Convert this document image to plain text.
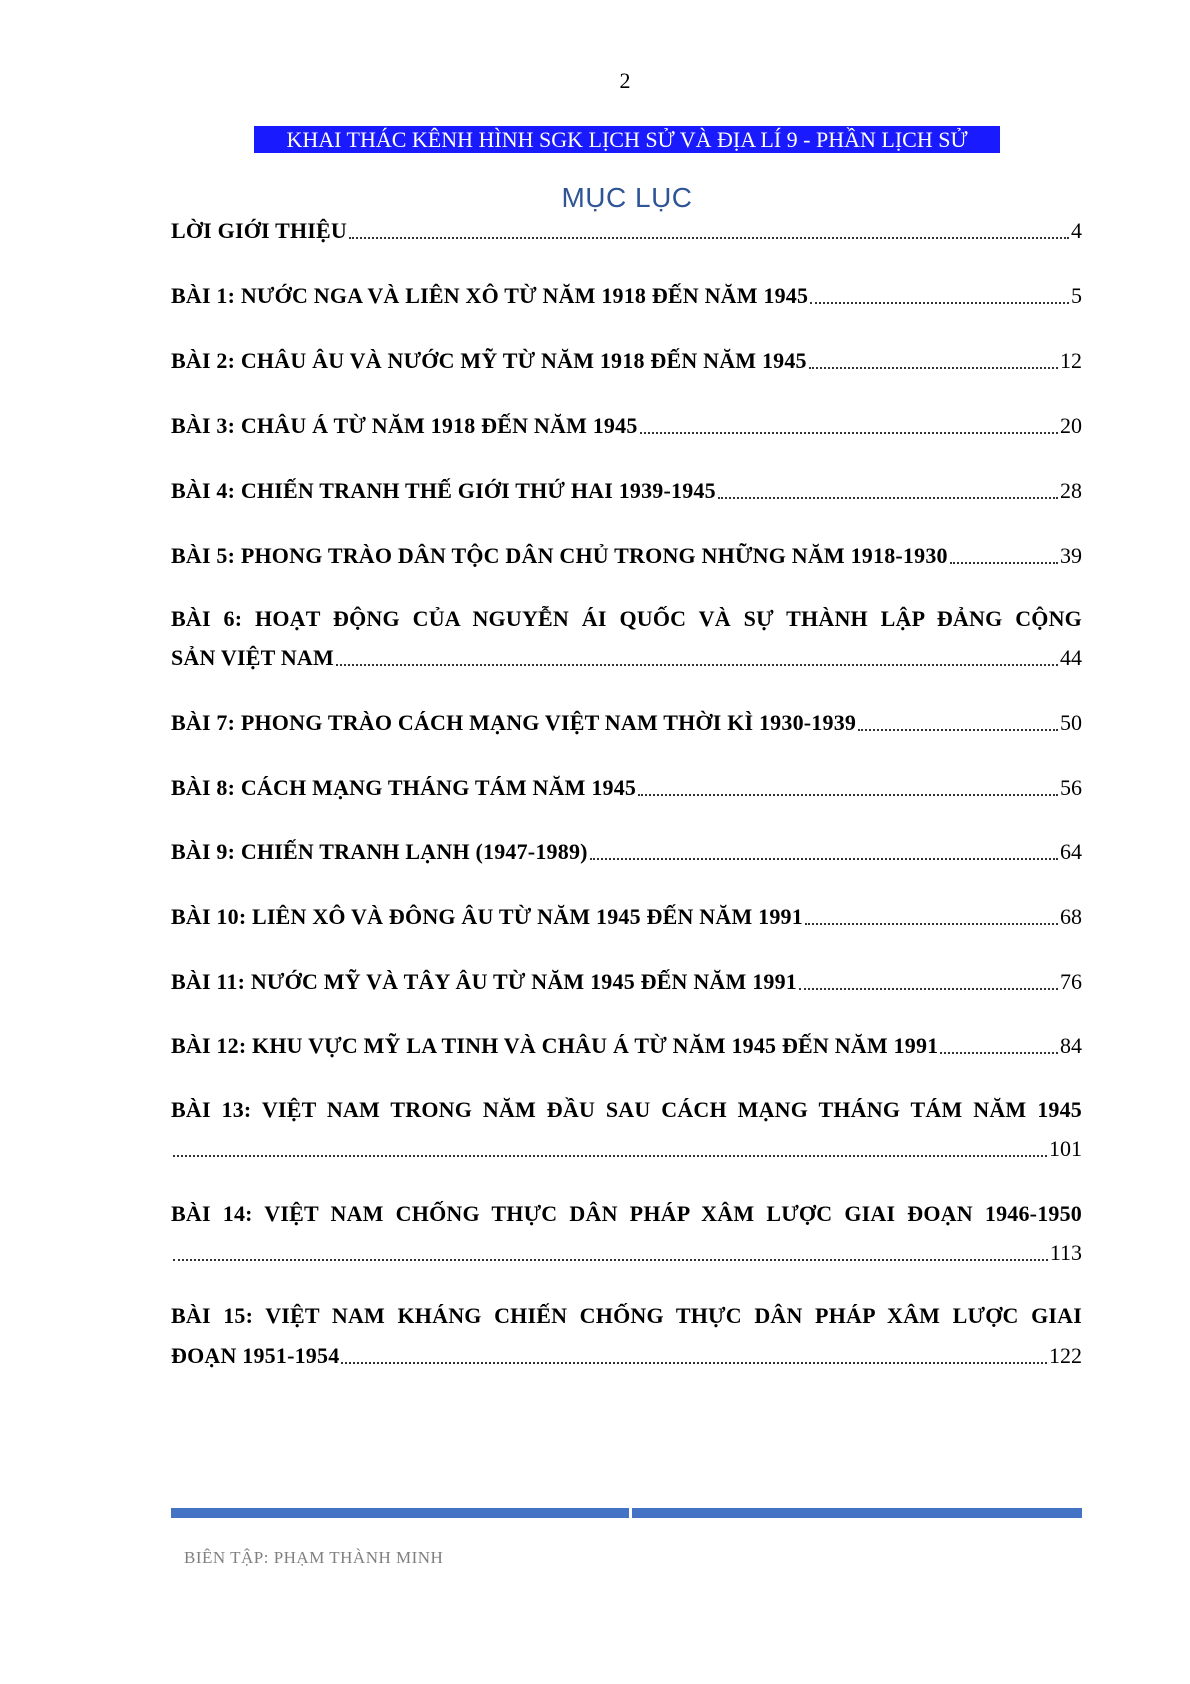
2
KHAI THÁC KÊNH HÌNH SGK LỊCH SỬ VÀ ĐỊA LÍ 9 - PHẦN LỊCH SỬ
MỤC LỤC
LỜI GIỚI THIỆU	4
BÀI 1: NƯỚC NGA VÀ LIÊN XÔ TỪ NĂM 1918 ĐẾN NĂM 1945	5
BÀI 2: CHÂU ÂU VÀ NƯỚC MỸ TỪ NĂM 1918 ĐẾN NĂM 1945	12
BÀI 3: CHÂU Á TỪ NĂM 1918 ĐẾN NĂM 1945	20
BÀI 4: CHIẾN TRANH THẾ GIỚI THỨ HAI 1939-1945	28
BÀI 5: PHONG TRÀO DÂN TỘC DÂN CHỦ TRONG NHỮNG NĂM 1918-1930	39
BÀI 6: HOẠT ĐỘNG CỦA NGUYỄN ÁI QUỐC VÀ SỰ THÀNH LẬP ĐẢNG CỘNG
SẢN VIỆT NAM	44
BÀI 7: PHONG TRÀO CÁCH MẠNG VIỆT NAM THỜI KÌ 1930-1939	50
BÀI 8: CÁCH MẠNG THÁNG TÁM NĂM 1945	56
BÀI 9: CHIẾN TRANH LẠNH (1947-1989)	64
BÀI 10: LIÊN XÔ VÀ ĐÔNG ÂU TỪ NĂM 1945 ĐẾN NĂM 1991	68
BÀI 11: NƯỚC MỸ VÀ TÂY ÂU TỪ NĂM 1945 ĐẾN NĂM 1991	76
BÀI 12: KHU VỰC MỸ LA TINH VÀ CHÂU Á TỪ NĂM 1945 ĐẾN NĂM 1991	84
BÀI 13: VIỆT NAM TRONG NĂM ĐẦU SAU CÁCH MẠNG THÁNG TÁM NĂM 1945
101
BÀI 14: VIỆT NAM CHỐNG THỰC DÂN PHÁP XÂM LƯỢC GIAI ĐOẠN 1946-1950
113
BÀI 15: VIỆT NAM KHÁNG CHIẾN CHỐNG THỰC DÂN PHÁP XÂM LƯỢC GIAI
ĐOẠN 1951-1954	122
BIÊN TẬP: PHẠM THÀNH MINH
